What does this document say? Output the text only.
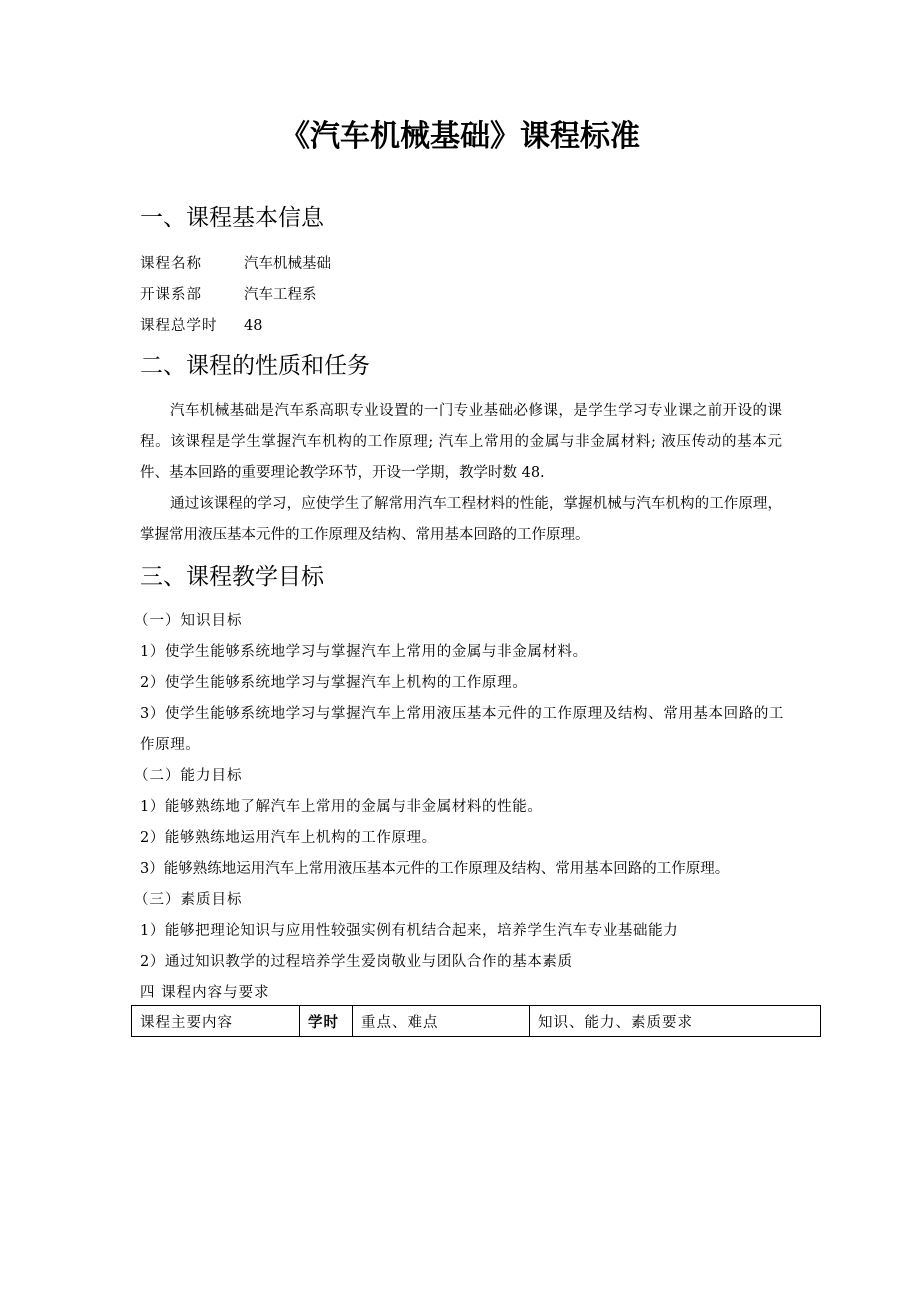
《汽车机械基础》课程标准
一、课程基本信息
课程名称	汽车机械基础
开课系部	汽车工程系
课程总学时 48
二、课程的性质和任务

汽车机械基础是汽车系高职专业设置的一门专业基础必修课，是学生学习专业课之前开设的课程。该课程是学生掌握汽车机构的工作原理; 汽车上常用的金属与非金属材料; 液压传动的基本元件、基本回路的重要理论教学环节，开设一学期，教学时数 48.

通过该课程的学习，应使学生了解常用汽车工程材料的性能，掌握机械与汽车机构的工作原理，掌握常用液压基本元件的工作原理及结构、常用基本回路的工作原理。

三、课程教学目标
（一）知识目标

1）使学生能够系统地学习与掌握汽车上常用的金属与非金属材料。

2）使学生能够系统地学习与掌握汽车上机构的工作原理。

3）使学生能够系统地学习与掌握汽车上常用液压基本元件的工作原理及结构、常用基本回路的工作原理。

（二）能力目标

1）能够熟练地了解汽车上常用的金属与非金属材料的性能。

2）能够熟练地运用汽车上机构的工作原理。

3）能够熟练地运用汽车上常用液压基本元件的工作原理及结构、常用基本回路的工作原理。

（三）素质目标

1）能够把理论知识与应用性较强实例有机结合起来，培养学生汽车专业基础能力

2）通过知识教学的过程培养学生爱岗敬业与团队合作的基本素质

四 课程内容与要求
课程主要内容	学时	重点、难点	知识、能力、素质要求
